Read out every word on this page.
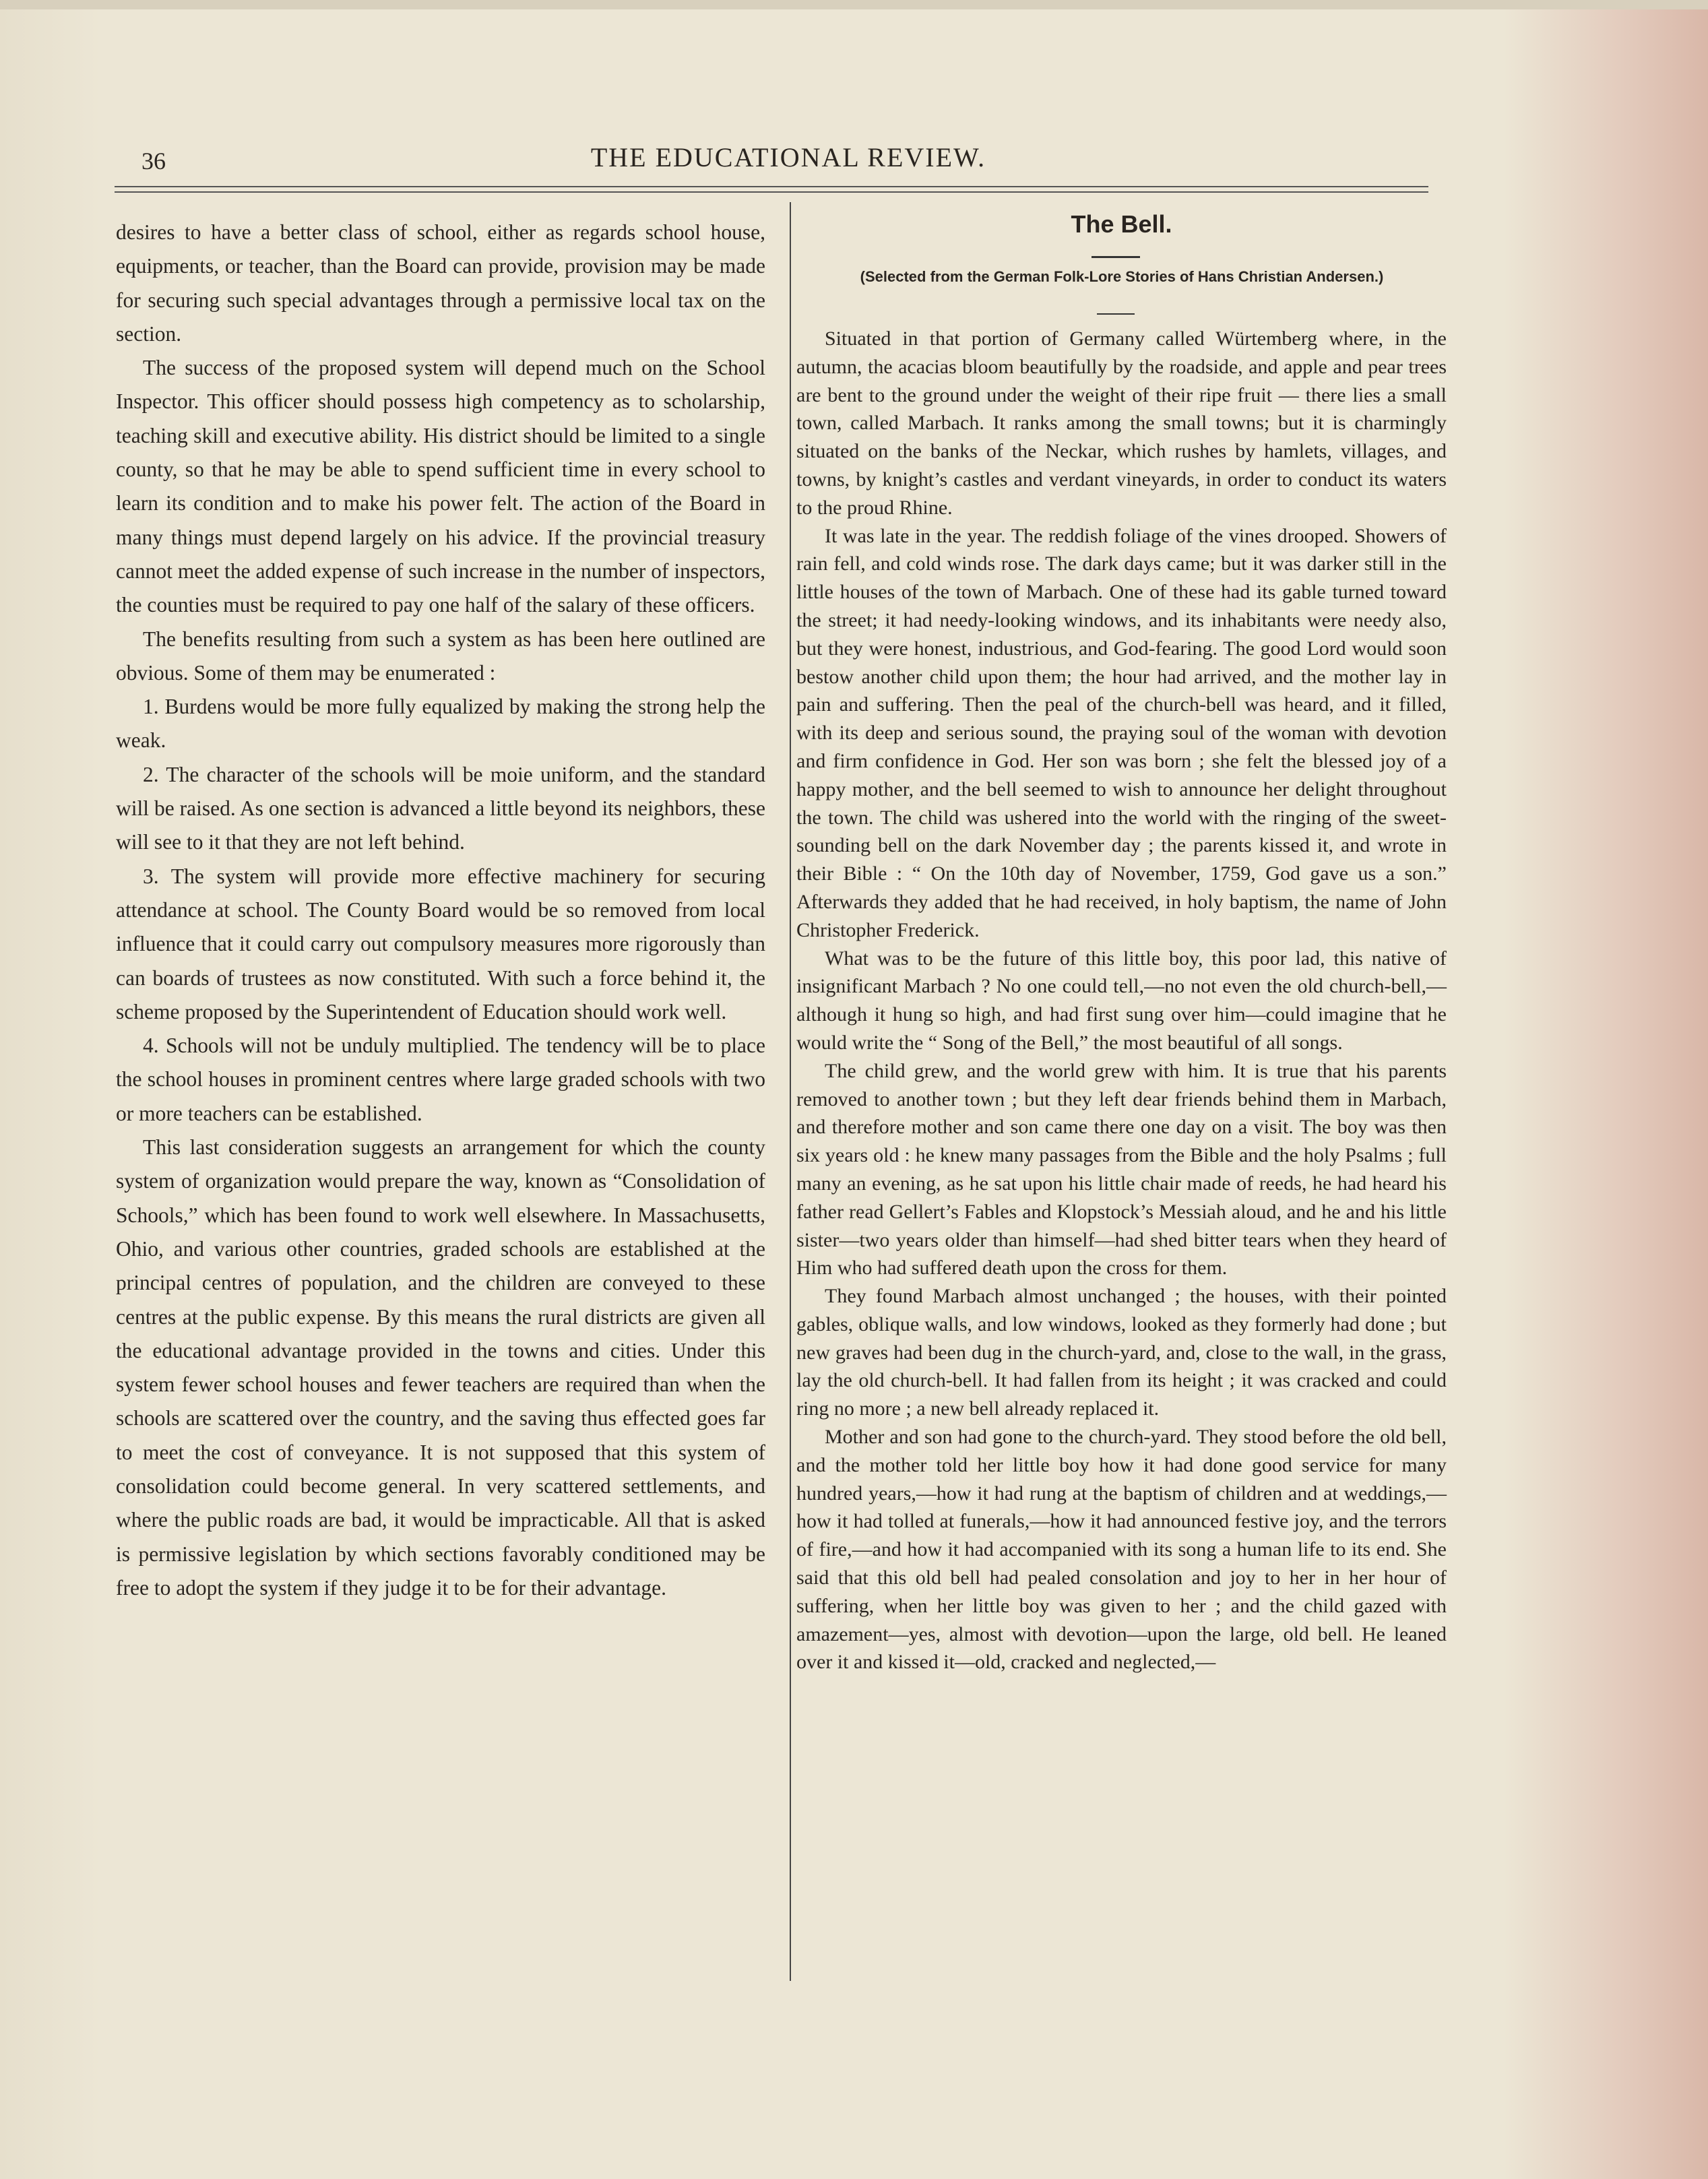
36	THE EDUCATIONAL REVIEW.

desires to have a better class of school, either as regards school house, equipments, or teacher, than the Board can provide, provision may be made for securing such special advantages through a permissive local tax on the section.

The success of the proposed system will depend much on the School Inspector. This officer should possess high competency as to scholarship, teaching skill and executive ability. His district should be limited to a single county, so that he may be able to spend sufficient time in every school to learn its condition and to make his power felt. The action of the Board in many things must depend largely on his advice. If the provincial treasury cannot meet the added expense of such increase in the number of inspectors, the counties must be required to pay one half of the salary of these officers.

The benefits resulting from such a system as has been here outlined are obvious. Some of them may be enumerated :

1. Burdens would be more fully equalized by making the strong help the weak.

2. The character of the schools will be moie uniform, and the standard will be raised. As one section is advanced a little beyond its neighbors, these will see to it that they are not left behind.

3. The system will provide more effective machinery for securing attendance at school. The County Board would be so removed from local influence that it could carry out compulsory measures more rigorously than can boards of trustees as now constituted. With such a force behind it, the scheme proposed by the Superintendent of Education should work well.

4. Schools will not be unduly multiplied. The tendency will be to place the school houses in prominent centres where large graded schools with two or more teachers can be established.

This last consideration suggests an arrangement for which the county system of organization would prepare the way, known as “Consolidation of Schools,” which has been found to work well elsewhere. In Massachusetts, Ohio, and various other countries, graded schools are established at the principal centres of population, and the children are conveyed to these centres at the public expense. By this means the rural districts are given all the educational advantage provided in the towns and cities. Under this system fewer school houses and fewer teachers are required than when the schools are scattered over the country, and the saving thus effected goes far to meet the cost of conveyance. It is not supposed that this system of consolidation could become general. In very scattered settlements, and where the public roads are bad, it would be impracticable. All that is asked is permissive legislation by which sections favorably conditioned may be free to adopt the system if they judge it to be for their advantage.

The Bell.
(Selected from the German Folk-Lore Stories of Hans Christian Andersen.)

Situated in that portion of Germany called Würtemberg where, in the autumn, the acacias bloom beautifully by the roadside, and apple and pear trees are bent to the ground under the weight of their ripe fruit — there lies a small town, called Marbach. It ranks among the small towns; but it is charmingly situated on the banks of the Neckar, which rushes by hamlets, villages, and towns, by knight’s castles and verdant vineyards, in order to conduct its waters to the proud Rhine.

It was late in the year. The reddish foliage of the vines drooped. Showers of rain fell, and cold winds rose. The dark days came; but it was darker still in the little houses of the town of Marbach. One of these had its gable turned toward the street; it had needy-looking windows, and its inhabitants were needy also, but they were honest, industrious, and God-fearing. The good Lord would soon bestow another child upon them; the hour had arrived, and the mother lay in pain and suffering. Then the peal of the church-bell was heard, and it filled, with its deep and serious sound, the praying soul of the woman with devotion and firm confidence in God. Her son was born ; she felt the blessed joy of a happy mother, and the bell seemed to wish to announce her delight throughout the town. The child was ushered into the world with the ringing of the sweet-sounding bell on the dark November day ; the parents kissed it, and wrote in their Bible : “ On the 10th day of November, 1759, God gave us a son.” Afterwards they added that he had received, in holy baptism, the name of John Christopher Frederick.

What was to be the future of this little boy, this poor lad, this native of insignificant Marbach ? No one could tell,—no not even the old church-bell,—although it hung so high, and had first sung over him—could imagine that he would write the “ Song of the Bell,” the most beautiful of all songs.

The child grew, and the world grew with him. It is true that his parents removed to another town ; but they left dear friends behind them in Marbach, and therefore mother and son came there one day on a visit. The boy was then six years old : he knew many passages from the Bible and the holy Psalms ; full many an evening, as he sat upon his little chair made of reeds, he had heard his father read Gellert’s Fables and Klopstock’s Messiah aloud, and he and his little sister—two years older than himself—had shed bitter tears when they heard of Him who had suffered death upon the cross for them.

They found Marbach almost unchanged ; the houses, with their pointed gables, oblique walls, and low windows, looked as they formerly had done ; but new graves had been dug in the church-yard, and, close to the wall, in the grass, lay the old church-bell. It had fallen from its height ; it was cracked and could ring no more ; a new bell already replaced it.

Mother and son had gone to the church-yard. They stood before the old bell, and the mother told her little boy how it had done good service for many hundred years,—how it had rung at the baptism of children and at weddings,—how it had tolled at funerals,—how it had announced festive joy, and the terrors of fire,—and how it had accompanied with its song a human life to its end. She said that this old bell had pealed consolation and joy to her in her hour of suffering, when her little boy was given to her ; and the child gazed with amazement—yes, almost with devotion—upon the large, old bell. He leaned over it and kissed it—old, cracked and neglected,—
